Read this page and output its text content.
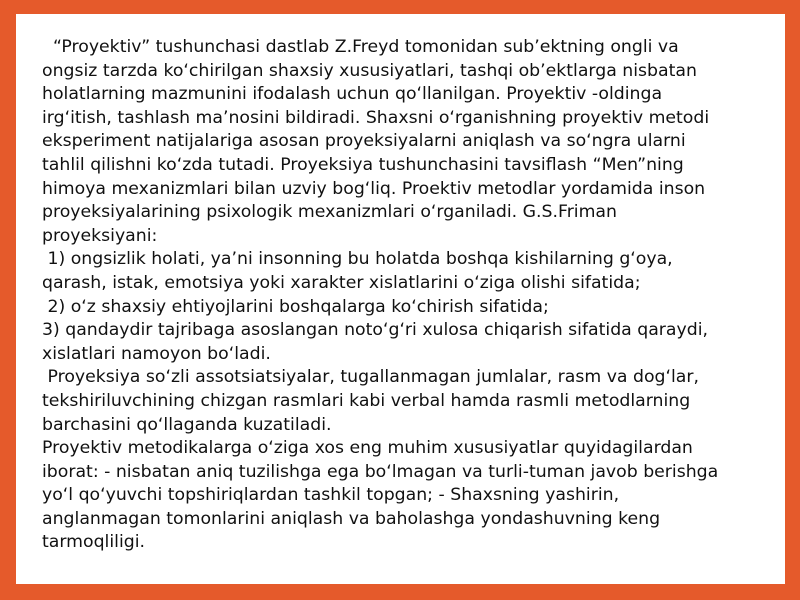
“Proyektiv” tushunchasi dastlab Z.Freyd tomonidan sub’ektning ongli va
ongsiz tarzda ko‘chirilgan shaxsiy xususiyatlari, tashqi ob’ektlarga nisbatan
holatlarning mazmunini ifodalash uchun qo‘llanilgan. Proyektiv -oldinga
irg‘itish, tashlash ma’nosini bildiradi. Shaxsni o‘rganishning proyektiv metodi
eksperiment natijalariga asosan proyeksiyalarni aniqlash va so‘ngra ularni
tahlil qilishni ko‘zda tutadi. Proyeksiya tushunchasini tavsiflash “Men”ning
himoya mexanizmlari bilan uzviy bog‘liq. Proektiv metodlar yordamida inson
proyeksiyalarining psixologik mexanizmlari o‘rganiladi. G.S.Friman
proyeksiyani:
1) ongsizlik holati, ya’ni insonning bu holatda boshqa kishilarning g‘oya,
qarash, istak, emotsiya yoki xarakter xislatlarini o‘ziga olishi sifatida;
2) o‘z shaxsiy ehtiyojlarini boshqalarga ko‘chirish sifatida;
3) qandaydir tajribaga asoslangan noto‘g‘ri xulosa chiqarish sifatida qaraydi,
xislatlari namoyon bo‘ladi.
Proyeksiya so‘zli assotsiatsiyalar, tugallanmagan jumlalar, rasm va dog‘lar,
tekshiriluvchining chizgan rasmlari kabi verbal hamda rasmli metodlarning
barchasini qo‘llaganda kuzatiladi.
Proyektiv metodikalarga o‘ziga xos eng muhim xususiyatlar quyidagilardan
iborat: - nisbatan aniq tuzilishga ega bo‘lmagan va turli-tuman javob berishga
yo‘l qo‘yuvchi topshiriqlardan tashkil topgan; - Shaxsning yashirin,
anglanmagan tomonlarini aniqlash va baholashga yondashuvning keng
tarmoqliligi.
